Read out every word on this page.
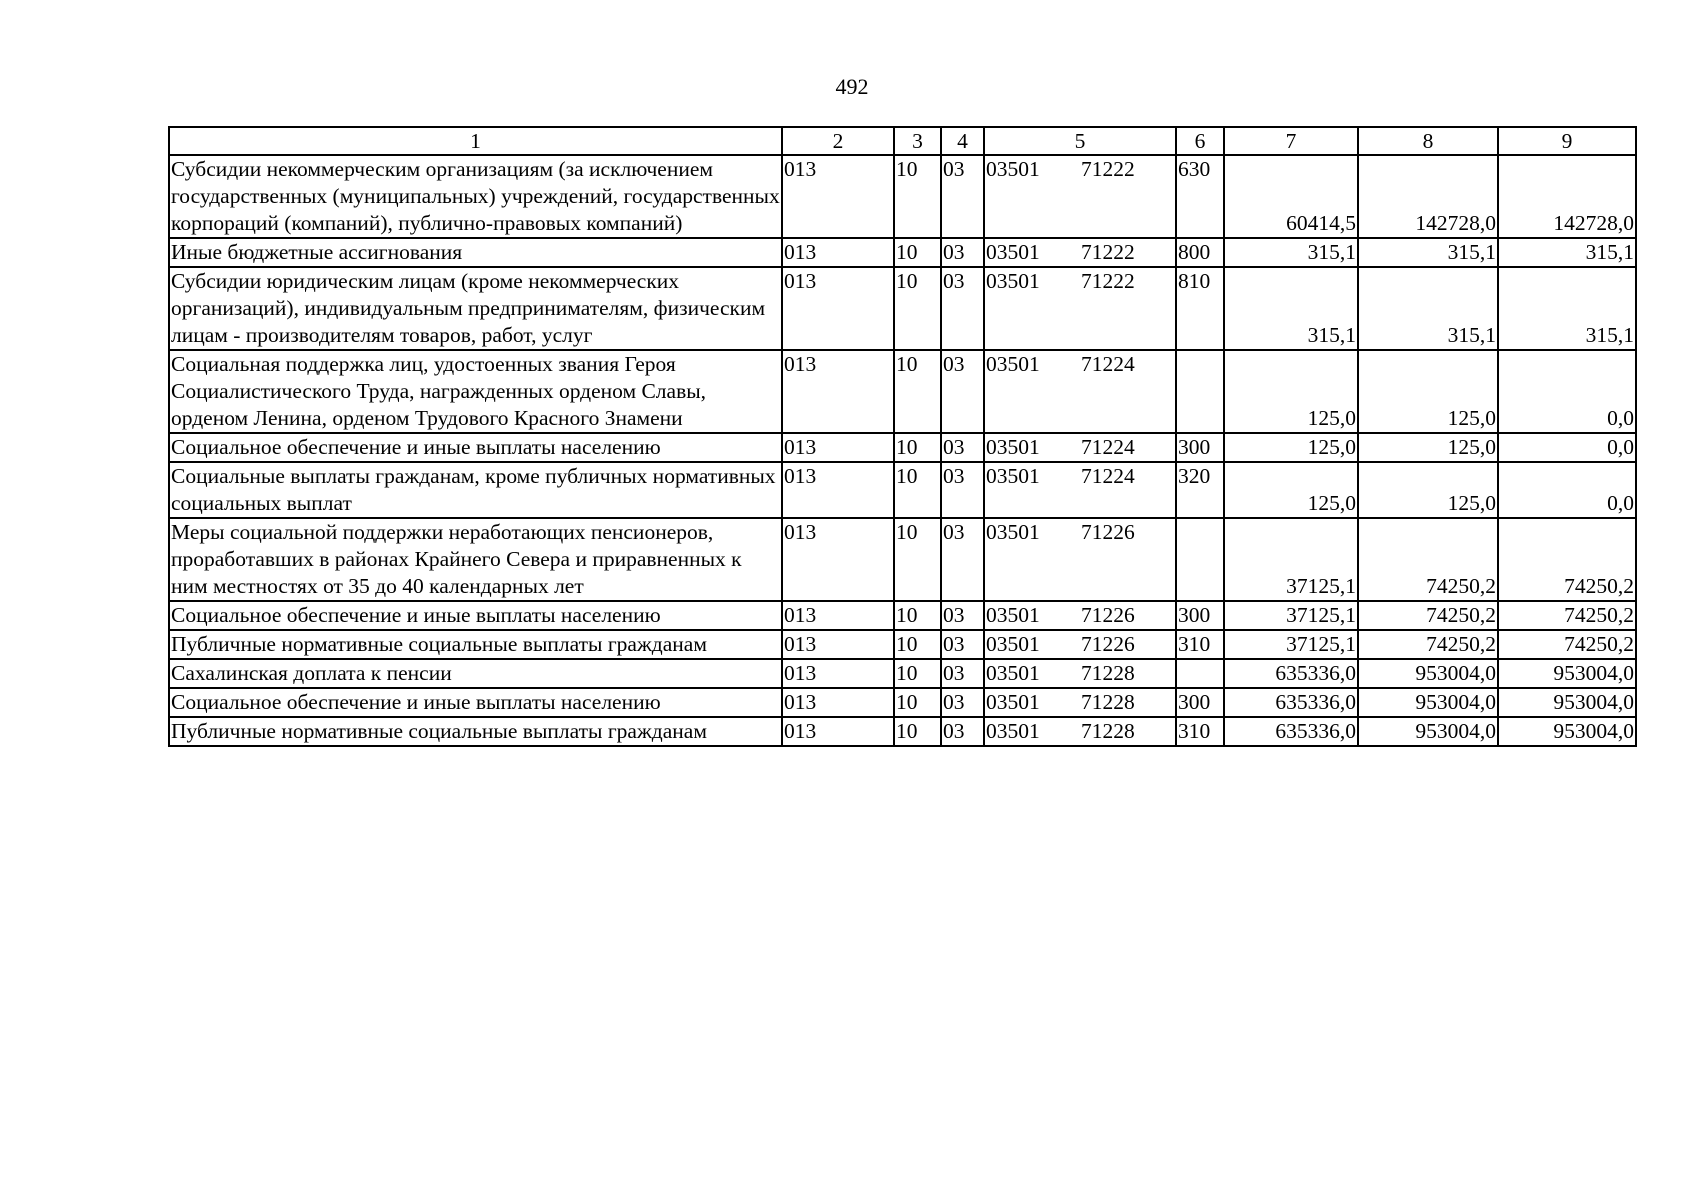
492
1	2	3	4	5	6	7	8	9
Субсидии некоммерческим организациям (за исключением государственных (муниципальных) учреждений, государственных корпораций (компаний), публично-правовых компаний)	013	10	03	03501 71222	630	60414,5	142728,0	142728,0
Иные бюджетные ассигнования	013	10	03	03501 71222	800	315,1	315,1	315,1
Субсидии юридическим лицам (кроме некоммерческих организаций), индивидуальным предпринимателям, физическим лицам - производителям товаров, работ, услуг	013	10	03	03501 71222	810	315,1	315,1	315,1
Социальная поддержка лиц, удостоенных звания Героя Социалистического Труда, награжденных орденом Славы, орденом Ленина, орденом Трудового Красного Знамени	013	10	03	03501 71224		125,0	125,0	0,0
Социальное обеспечение и иные выплаты населению	013	10	03	03501 71224	300	125,0	125,0	0,0
Социальные выплаты гражданам, кроме публичных нормативных социальных выплат	013	10	03	03501 71224	320	125,0	125,0	0,0
Меры социальной поддержки неработающих пенсионеров, проработавших в районах Крайнего Севера и приравненных к ним местностях от 35 до 40 календарных лет	013	10	03	03501 71226		37125,1	74250,2	74250,2
Социальное обеспечение и иные выплаты населению	013	10	03	03501 71226	300	37125,1	74250,2	74250,2
Публичные нормативные социальные выплаты гражданам	013	10	03	03501 71226	310	37125,1	74250,2	74250,2
Сахалинская доплата к пенсии	013	10	03	03501 71228		635336,0	953004,0	953004,0
Социальное обеспечение и иные выплаты населению	013	10	03	03501 71228	300	635336,0	953004,0	953004,0
Публичные нормативные социальные выплаты гражданам	013	10	03	03501 71228	310	635336,0	953004,0	953004,0
